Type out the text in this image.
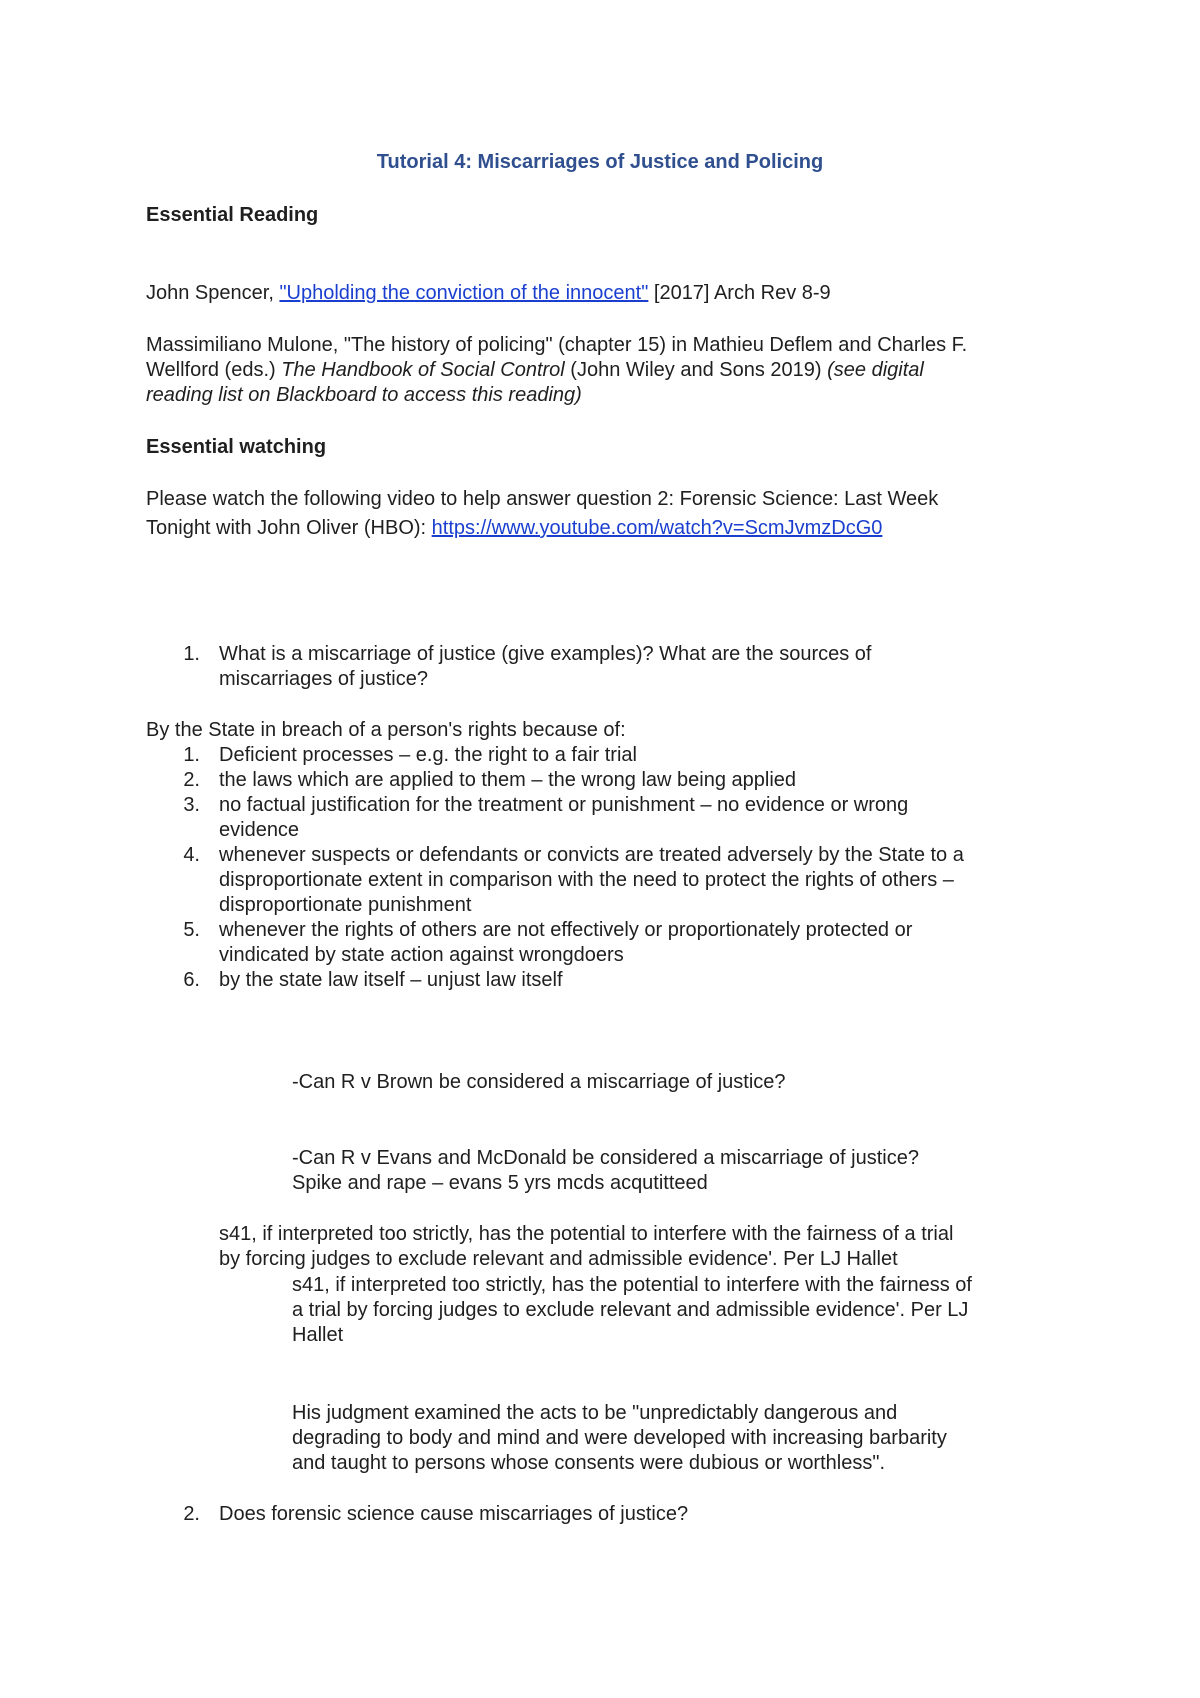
Tutorial 4: Miscarriages of Justice and Policing
Essential Reading
John Spencer, "Upholding the conviction of the innocent" [2017] Arch Rev 8-9
Massimiliano Mulone, "The history of policing" (chapter 15) in Mathieu Deflem and Charles F.
Wellford (eds.) The Handbook of Social Control (John Wiley and Sons 2019) (see digital
reading list on Blackboard to access this reading)
Essential watching
Please watch the following video to help answer question 2: Forensic Science: Last Week
Tonight with John Oliver (HBO): https://www.youtube.com/watch?v=ScmJvmzDcG0
1. What is a miscarriage of justice (give examples)? What are the sources of
miscarriages of justice?
By the State in breach of a person's rights because of:
1. Deficient processes – e.g. the right to a fair trial
2. the laws which are applied to them – the wrong law being applied
3. no factual justification for the treatment or punishment – no evidence or wrong
evidence
4. whenever suspects or defendants or convicts are treated adversely by the State to a
disproportionate extent in comparison with the need to protect the rights of others –
disproportionate punishment
5. whenever the rights of others are not effectively or proportionately protected or
vindicated by state action against wrongdoers
6. by the state law itself – unjust law itself
-Can R v Brown be considered a miscarriage of justice?
-Can R v Evans and McDonald be considered a miscarriage of justice?
Spike and rape – evans 5 yrs mcds acqutitteed
s41, if interpreted too strictly, has the potential to interfere with the fairness of a trial
by forcing judges to exclude relevant and admissible evidence'. Per LJ Hallet
s41, if interpreted too strictly, has the potential to interfere with the fairness of
a trial by forcing judges to exclude relevant and admissible evidence'. Per LJ
Hallet
His judgment examined the acts to be "unpredictably dangerous and
degrading to body and mind and were developed with increasing barbarity
and taught to persons whose consents were dubious or worthless".
2. Does forensic science cause miscarriages of justice?
